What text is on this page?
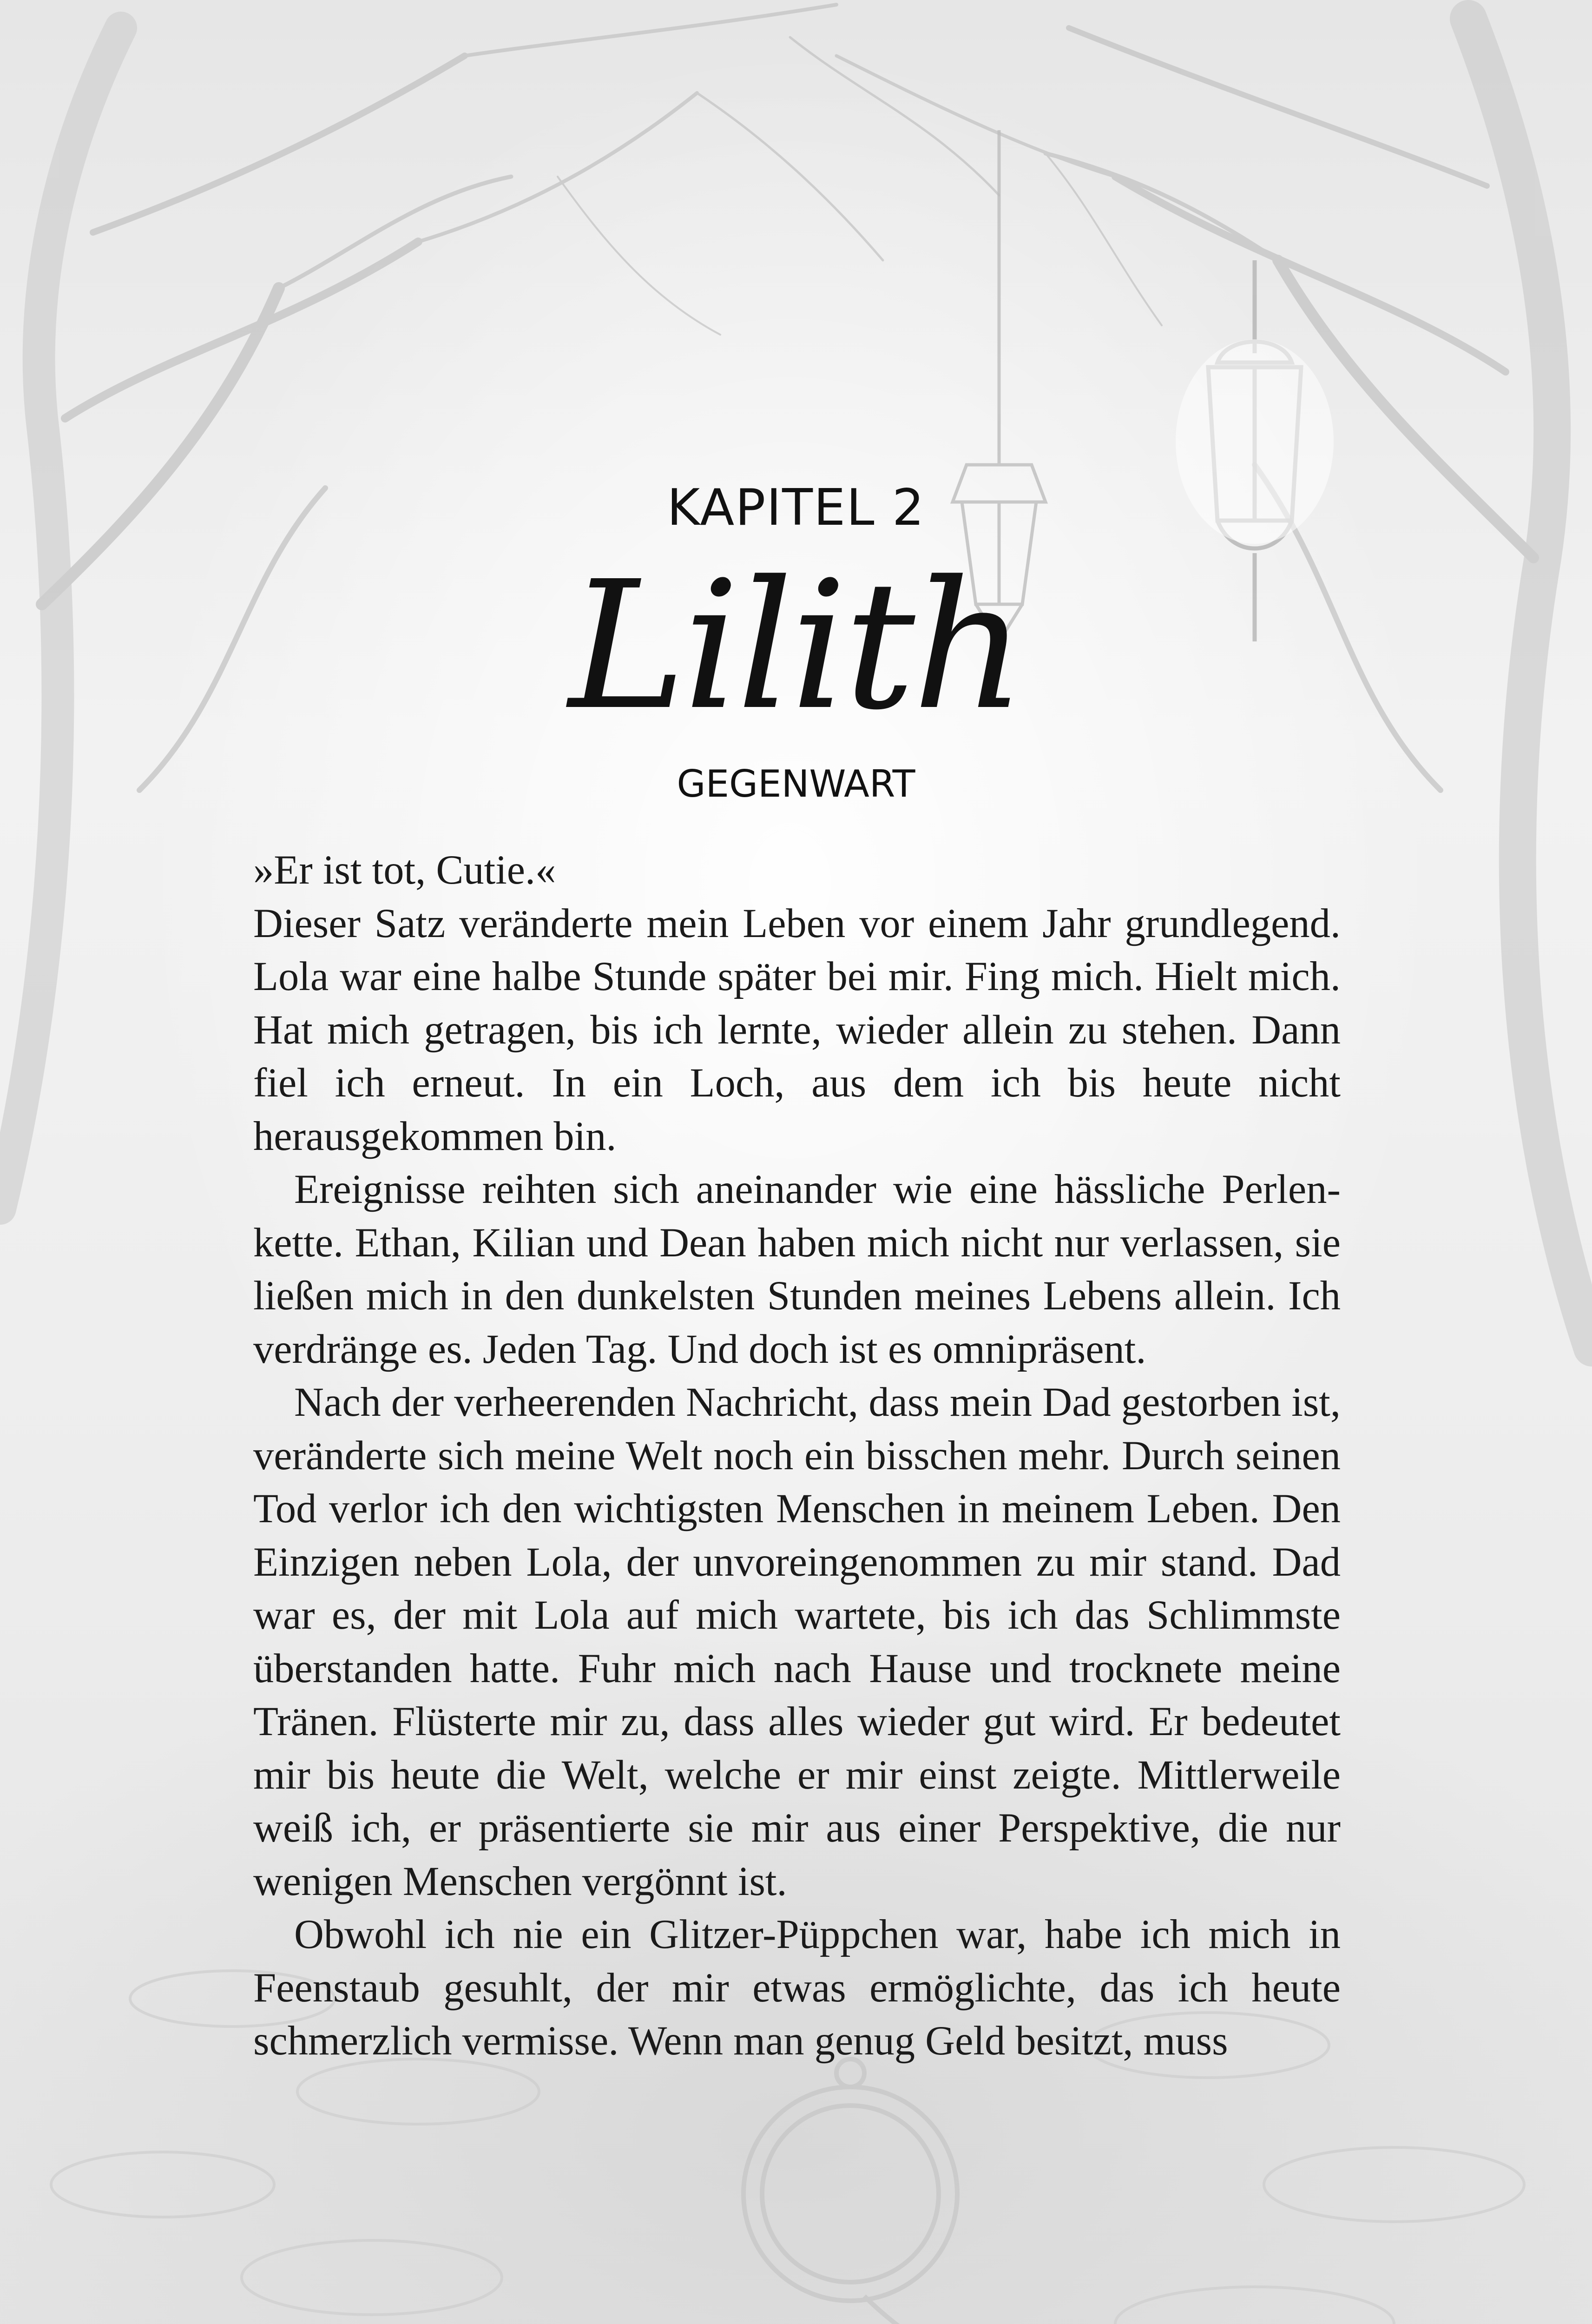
KAPITEL 2
Lilith
GEGENWART

»Er ist tot, Cutie.«

Dieser Satz veränderte mein Leben vor einem Jahr grundlegend. Lola war eine halbe Stunde später bei mir. Fing mich. Hielt mich. Hat mich getragen, bis ich lernte, wieder allein zu stehen. Dann fiel ich erneut. In ein Loch, aus dem ich bis heute nicht herausgekommen bin.

Ereignisse reihten sich aneinander wie eine hässliche Perlenkette. Ethan, Kilian und Dean haben mich nicht nur verlassen, sie ließen mich in den dunkelsten Stunden meines Lebens allein. Ich verdränge es. Jeden Tag. Und doch ist es omnipräsent.

Nach der verheerenden Nachricht, dass mein Dad gestorben ist, veränderte sich meine Welt noch ein bisschen mehr. Durch seinen Tod verlor ich den wichtigsten Menschen in meinem Leben. Den Einzigen neben Lola, der unvoreingenommen zu mir stand. Dad war es, der mit Lola auf mich wartete, bis ich das Schlimmste überstanden hatte. Fuhr mich nach Hause und trocknete meine Tränen. Flüsterte mir zu, dass alles wieder gut wird. Er bedeutet mir bis heute die Welt, welche er mir einst zeigte. Mittlerweile weiß ich, er präsentierte sie mir aus einer Perspektive, die nur wenigen Menschen vergönnt ist.

Obwohl ich nie ein Glitzer-Püppchen war, habe ich mich in Feenstaub gesuhlt, der mir etwas ermöglichte, das ich heute schmerzlich vermisse. Wenn man genug Geld besitzt, muss
